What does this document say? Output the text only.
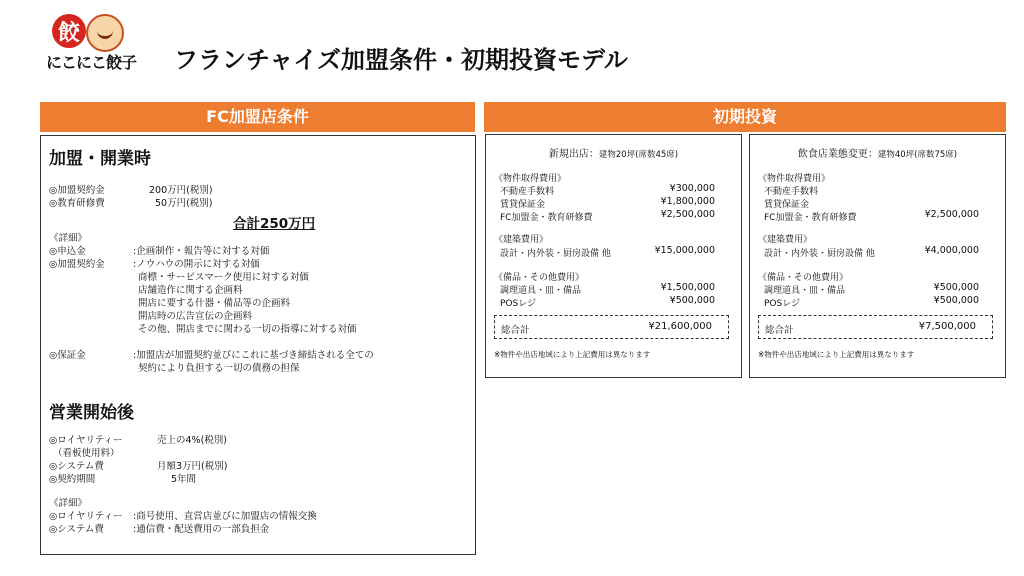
餃
にこにこ餃子 フランチャイズ加盟条件・初期投資モデル
FC加盟店条件	初期投資
加盟・開業時
◎加盟契約金	200万円(税別)
◎教育研修費	50万円(税別)
合計250万円
《詳細》
◎申込金	:企画制作・報告等に対する対価
◎加盟契約金	:ノウハウの開示に対する対価
商標・サービスマーク使用に対する対価
店舗造作に関する企画料
開店に要する什器・備品等の企画料
開店時の広告宣伝の企画料
その他、開店までに関わる一切の指導に対する対価
◎保証金	:加盟店が加盟契約並びにこれに基づき締結される全ての
契約により負担する一切の債務の担保
営業開始後
◎ロイヤリティー	売上の4%(税別)
（看板使用料）
◎システム費	月額3万円(税別)
◎契約期間	5年間
《詳細》
◎ロイヤリティー :商号使用、直営店並びに加盟店の情報交換
◎システム費	:通信費・配送費用の一部負担金
新規出店：建物20坪(席数45席)
《物件取得費用》
不動産手数料	¥300,000
賃貸保証金	¥1,800,000
FC加盟金・教育研修費	¥2,500,000
《建築費用》
設計・内外装・厨房設備 他	¥15,000,000
《備品・その他費用》
調理道具・皿・備品	¥1,500,000
POSレジ	¥500,000
総合計	¥21,600,000
※物件や出店地域により上記費用は異なります
飲食店業態変更：建物40坪(席数75席)
《物件取得費用》
不動産手数料
賃貸保証金
FC加盟金・教育研修費	¥2,500,000
《建築費用》
設計・内外装・厨房設備 他	¥4,000,000
《備品・その他費用》
調理道具・皿・備品	¥500,000
POSレジ	¥500,000
総合計	¥7,500,000
※物件や出店地域により上記費用は異なります
